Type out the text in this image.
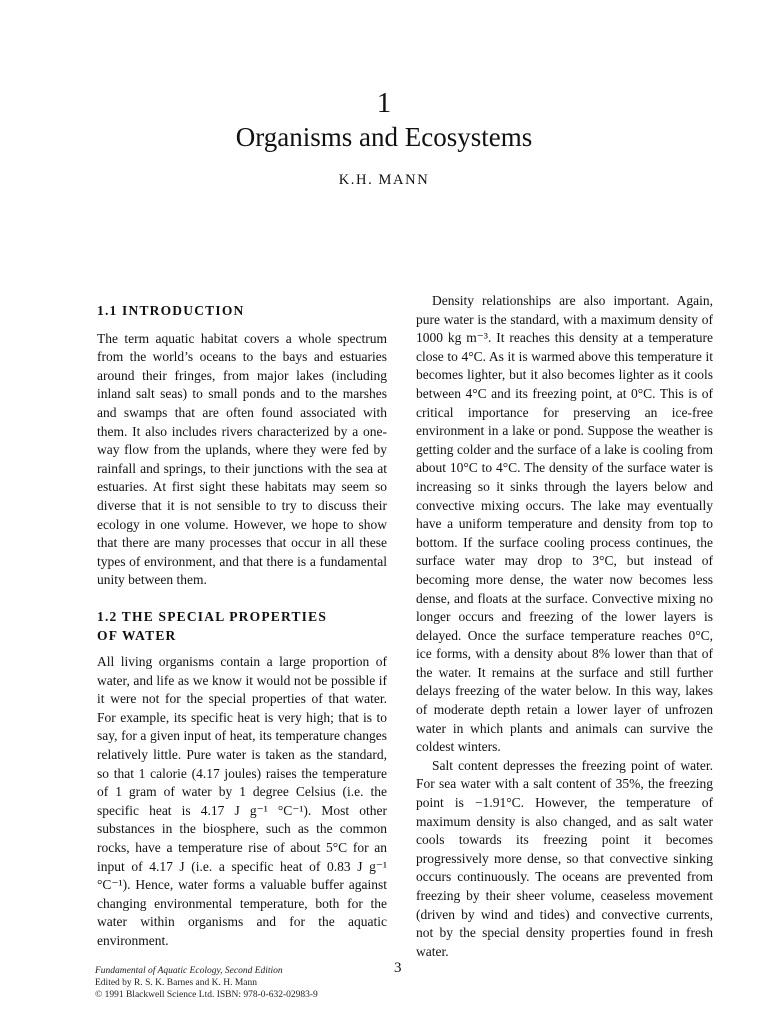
1
Organisms and Ecosystems
K.H. MANN
1.1 INTRODUCTION

The term aquatic habitat covers a whole spectrum from the world’s oceans to the bays and estuaries around their fringes, from major lakes (including inland salt seas) to small ponds and to the marshes and swamps that are often found associated with them. It also includes rivers characterized by a one-way flow from the uplands, where they were fed by rainfall and springs, to their junctions with the sea at estuaries. At first sight these habitats may seem so diverse that it is not sensible to try to discuss their ecology in one volume. However, we hope to show that there are many processes that occur in all these types of environment, and that there is a fundamental unity between them.

1.2 THE SPECIAL PROPERTIES
OF WATER

All living organisms contain a large proportion of water, and life as we know it would not be possible if it were not for the special properties of that water. For example, its specific heat is very high; that is to say, for a given input of heat, its temperature changes relatively little. Pure water is taken as the standard, so that 1 calorie (4.17 joules) raises the temperature of 1 gram of water by 1 degree Celsius (i.e. the specific heat is 4.17 J g⁻¹ °C⁻¹). Most other substances in the biosphere, such as the common rocks, have a temperature rise of about 5°C for an input of 4.17 J (i.e. a specific heat of 0.83 J g⁻¹ °C⁻¹). Hence, water forms a valuable buffer against changing environmental temperature, both for the water within organisms and for the aquatic environment.

Density relationships are also important. Again, pure water is the standard, with a maximum density of 1000 kg m⁻³. It reaches this density at a temperature close to 4°C. As it is warmed above this temperature it becomes lighter, but it also becomes lighter as it cools between 4°C and its freezing point, at 0°C. This is of critical importance for preserving an ice-free environment in a lake or pond. Suppose the weather is getting colder and the surface of a lake is cooling from about 10°C to 4°C. The density of the surface water is increasing so it sinks through the layers below and convective mixing occurs. The lake may eventually have a uniform temperature and density from top to bottom. If the surface cooling process continues, the surface water may drop to 3°C, but instead of becoming more dense, the water now becomes less dense, and floats at the surface. Convective mixing no longer occurs and freezing of the lower layers is delayed. Once the surface temperature reaches 0°C, ice forms, with a density about 8% lower than that of the water. It remains at the surface and still further delays freezing of the water below. In this way, lakes of moderate depth retain a lower layer of unfrozen water in which plants and animals can survive the coldest winters.

Salt content depresses the freezing point of water. For sea water with a salt content of 35%, the freezing point is −1.91°C. However, the temperature of maximum density is also changed, and as salt water cools towards its freezing point it becomes progressively more dense, so that convective sinking occurs continuously. The oceans are prevented from freezing by their sheer volume, ceaseless movement (driven by wind and tides) and convective currents, not by the special density properties found in fresh water.

Fundamental of Aquatic Ecology, Second Edition
Edited by R. S. K. Barnes and K. H. Mann
© 1991 Blackwell Science Ltd. ISBN: 978-0-632-02983-9
3
